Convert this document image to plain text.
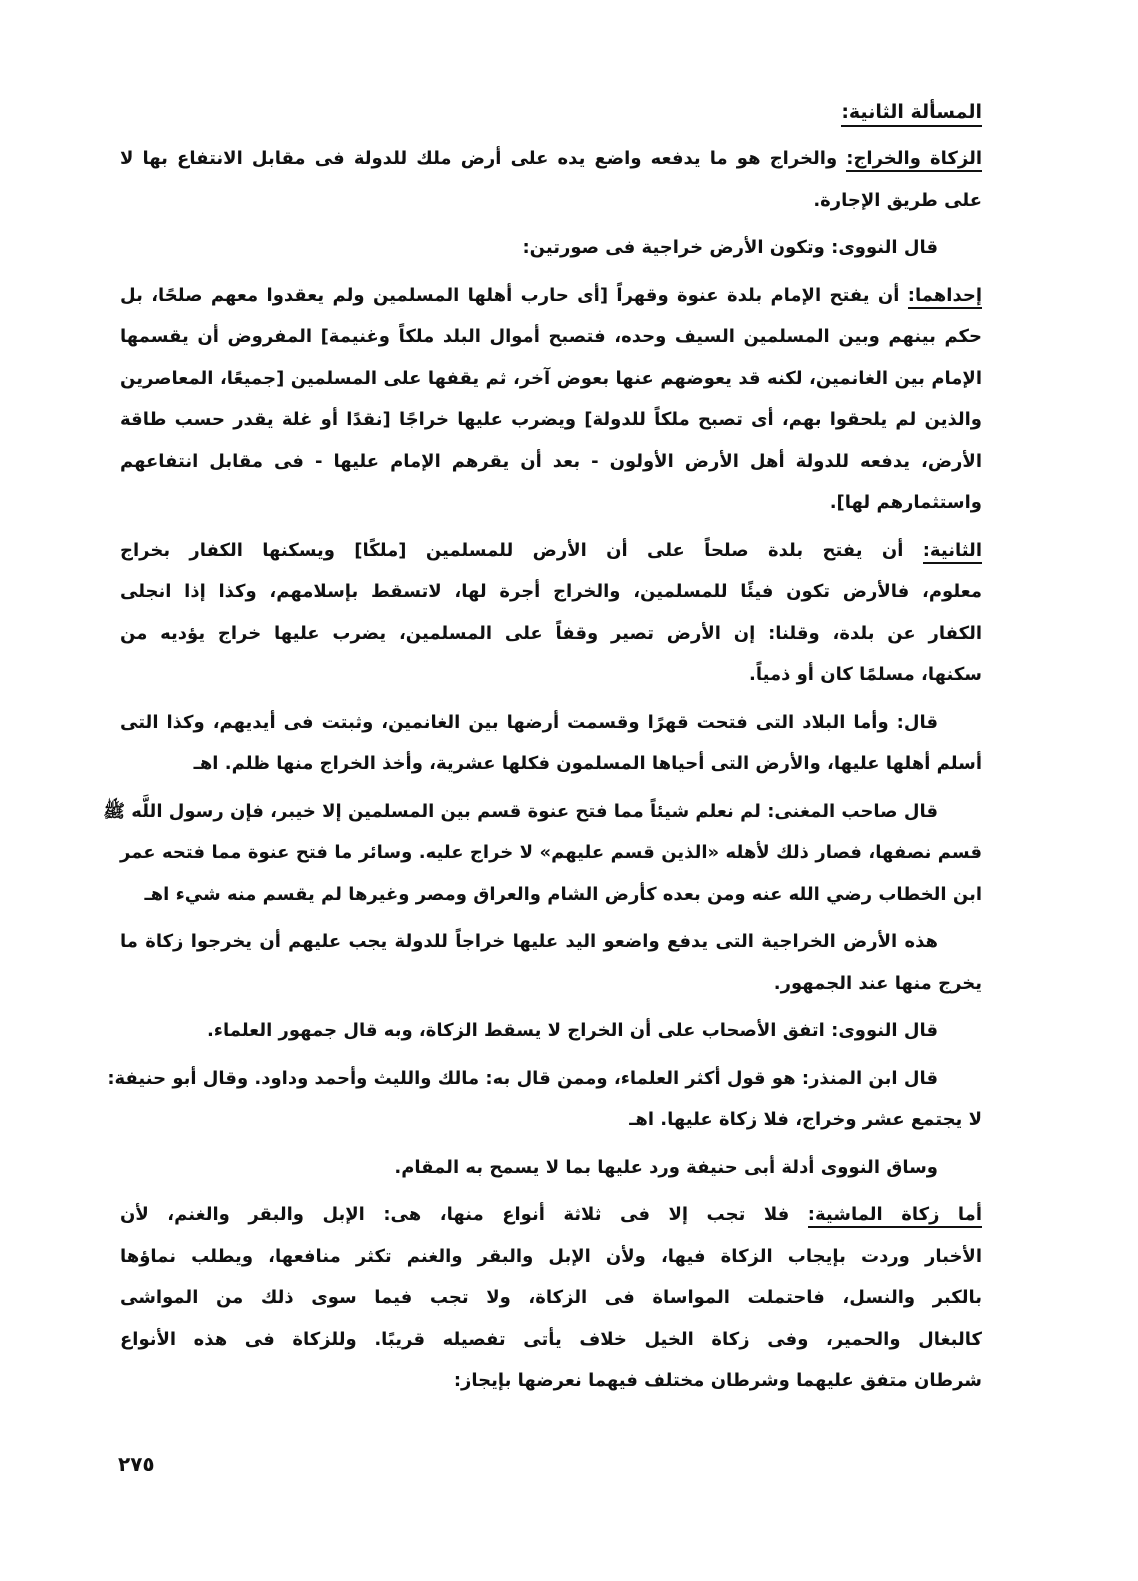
المسألة الثانية:
الزكاة والخراج: والخراج هو ما يدفعه واضع يده على أرض ملك للدولة فى مقابل الانتفاع بها لا
على طريق الإجارة.
قال النووى: وتكون الأرض خراجية فى صورتين:
إحداهما: أن يفتح الإمام بلدة عنوة وقهراً [أى حارب أهلها المسلمين ولم يعقدوا معهم صلحًا، بل
حكم بينهم وبين المسلمين السيف وحده، فتصبح أموال البلد ملكاً وغنيمة] المفروض أن يقسمها
الإمام بين الغانمين، لكنه قد يعوضهم عنها بعوض آخر، ثم يقفها على المسلمين [جميعًا، المعاصرين
والذين لم يلحقوا بهم، أى تصبح ملكاً للدولة] ويضرب عليها خراجًا [نقدًا أو غلة يقدر حسب طاقة
الأرض، يدفعه للدولة أهل الأرض الأولون - بعد أن يقرهم الإمام عليها - فى مقابل انتفاعهم
واستثمارهم لها].
الثانية: أن يفتح بلدة صلحاً على أن الأرض للمسلمين [ملكًا] ويسكنها الكفار بخراج
معلوم، فالأرض تكون فيئًا للمسلمين، والخراج أجرة لها، لاتسقط بإسلامهم، وكذا إذا انجلى
الكفار عن بلدة، وقلنا: إن الأرض تصير وقفاً على المسلمين، يضرب عليها خراج يؤديه من
سكنها، مسلمًا كان أو ذمياً.
قال: وأما البلاد التى فتحت قهرًا وقسمت أرضها بين الغانمين، وثبتت فى أيديهم، وكذا التى
أسلم أهلها عليها، والأرض التى أحياها المسلمون فكلها عشرية، وأخذ الخراج منها ظلم. اهـ
قال صاحب المغنى: لم نعلم شيئاً مما فتح عنوة قسم بين المسلمين إلا خيبر، فإن رسول اللَّه ﷺ
قسم نصفها، فصار ذلك لأهله «الذين قسم عليهم» لا خراج عليه. وسائر ما فتح عنوة مما فتحه عمر
ابن الخطاب رضي الله عنه ومن بعده كأرض الشام والعراق ومصر وغيرها لم يقسم منه شيء اهـ
هذه الأرض الخراجية التى يدفع واضعو اليد عليها خراجاً للدولة يجب عليهم أن يخرجوا زكاة ما
يخرج منها عند الجمهور.
قال النووى: اتفق الأصحاب على أن الخراج لا يسقط الزكاة، وبه قال جمهور العلماء.
قال ابن المنذر: هو قول أكثر العلماء، وممن قال به: مالك والليث وأحمد وداود. وقال أبو حنيفة:
لا يجتمع عشر وخراج، فلا زكاة عليها. اهـ
وساق النووى أدلة أبى حنيفة ورد عليها بما لا يسمح به المقام.
أما زكاة الماشية: فلا تجب إلا فى ثلاثة أنواع منها، هى: الإبل والبقر والغنم، لأن
الأخبار وردت بإيجاب الزكاة فيها، ولأن الإبل والبقر والغنم تكثر منافعها، ويطلب نماؤها
بالكبر والنسل، فاحتملت المواساة فى الزكاة، ولا تجب فيما سوى ذلك من المواشى
كالبغال والحمير، وفى زكاة الخيل خلاف يأتى تفصيله قريبًا. وللزكاة فى هذه الأنواع
شرطان متفق عليهما وشرطان مختلف فيهما نعرضها بإيجاز:
٢٧٥
